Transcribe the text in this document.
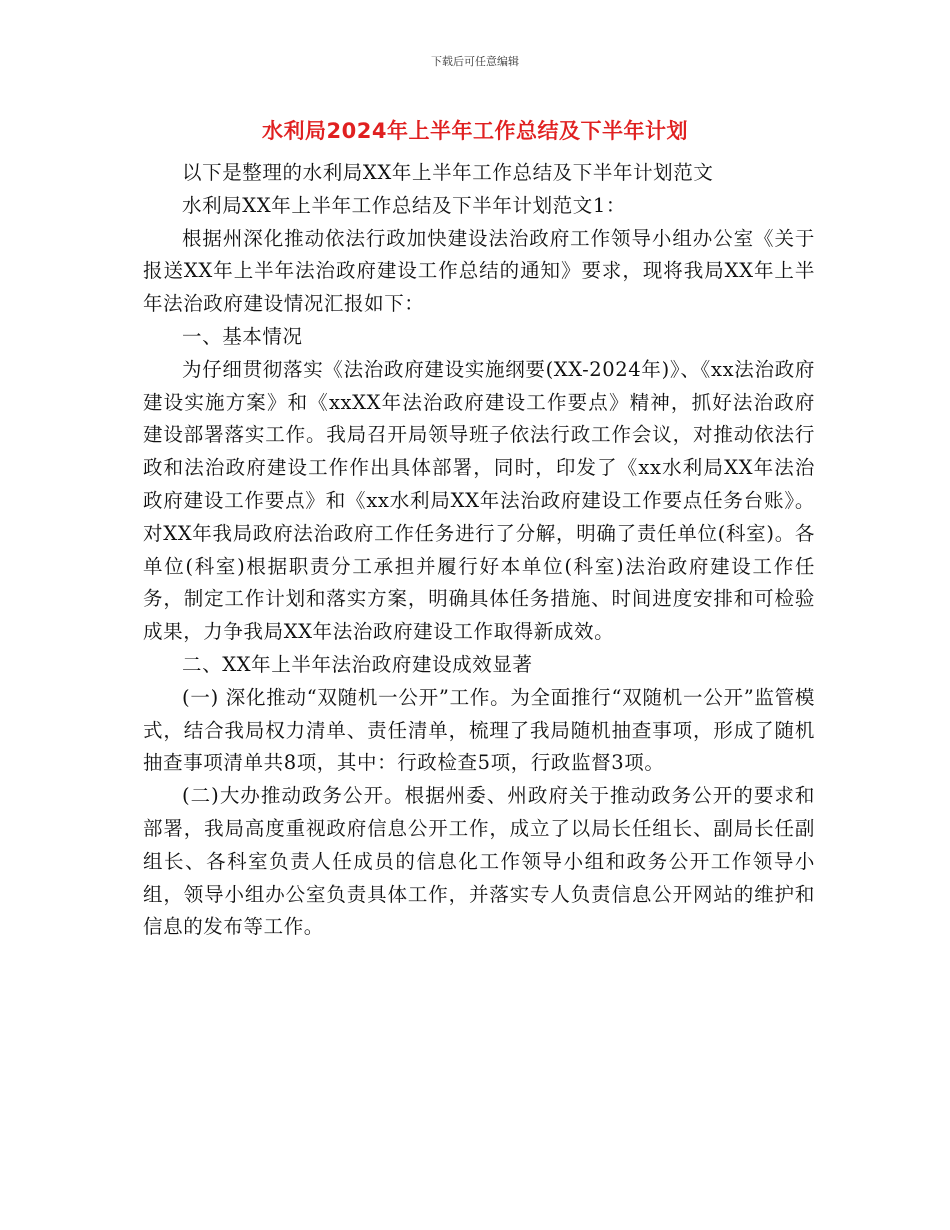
下载后可任意编辑
水利局2024年上半年工作总结及下半年计划

以下是整理的水利局XX年上半年工作总结及下半年计划范文

水利局XX年上半年工作总结及下半年计划范文1：

根据州深化推动依法行政加快建设法治政府工作领导小组办公室《关于报送XX年上半年法治政府建设工作总结的通知》要求，现将我局XX年上半年法治政府建设情况汇报如下：

一、基本情况

为仔细贯彻落实《法治政府建设实施纲要(XX-2024年)》、《xx法治政府建设实施方案》和《xxXX年法治政府建设工作要点》精神，抓好法治政府建设部署落实工作。我局召开局领导班子依法行政工作会议，对推动依法行政和法治政府建设工作作出具体部署，同时，印发了《xx水利局XX年法治政府建设工作要点》和《xx水利局XX年法治政府建设工作要点任务台账》。对XX年我局政府法治政府工作任务进行了分解，明确了责任单位(科室)。各单位(科室)根据职责分工承担并履行好本单位(科室)法治政府建设工作任务，制定工作计划和落实方案，明确具体任务措施、时间进度安排和可检验成果，力争我局XX年法治政府建设工作取得新成效。

二、XX年上半年法治政府建设成效显著

(一) 深化推动“双随机一公开”工作。为全面推行“双随机一公开”监管模式，结合我局权力清单、责任清单，梳理了我局随机抽查事项，形成了随机抽查事项清单共8项，其中：行政检查5项，行政监督3项。

(二)大办推动政务公开。根据州委、州政府关于推动政务公开的要求和部署，我局高度重视政府信息公开工作，成立了以局长任组长、副局长任副组长、各科室负责人任成员的信息化工作领导小组和政务公开工作领导小组，领导小组办公室负责具体工作，并落实专人负责信息公开网站的维护和信息的发布等工作。
